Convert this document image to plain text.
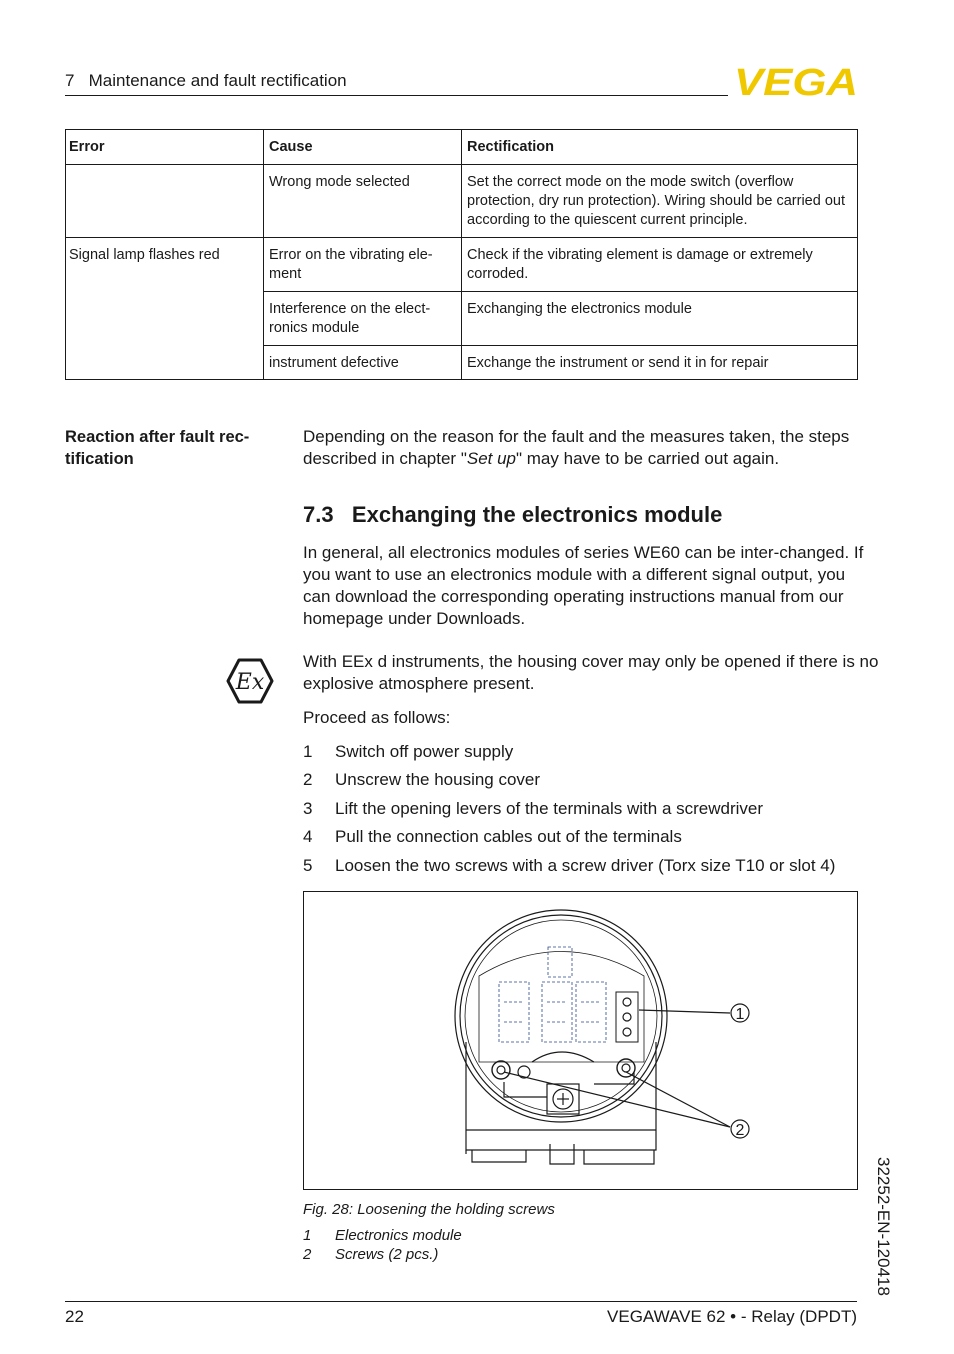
7   Maintenance and fault rectification	VEGA
Error	Cause	Rectification
	Wrong mode selected	Set the correct mode on the mode switch (overflow protection, dry run protection). Wiring should be carried out according to the quiescent current principle.
Signal lamp flashes red	Error on the vibrating ele-ment	Check if the vibrating element is damage or extremely corroded.
	Interference on the elect-ronics module	Exchanging the electronics module
	instrument defective	Exchange the instrument or send it in for repair
Reaction after fault rec-tification
Depending on the reason for the fault and the measures taken, the steps described in chapter "Set up" may have to be carried out again.
7.3   Exchanging the electronics module
In general, all electronics modules of series WE60 can be inter-changed. If you want to use an electronics module with a different signal output, you can download the corresponding operating instructions manual from our homepage under Downloads.
Ex
With EEx d instruments, the housing cover may only be opened if there is no explosive atmosphere present.
Proceed as follows:
1 Switch off power supply
2 Unscrew the housing cover
3 Lift the opening levers of the terminals with a screwdriver
4 Pull the connection cables out of the terminals
5 Loosen the two screws with a screw driver (Torx size T10 or slot 4)
1
2
Fig. 28: Loosening the holding screws
1 Electronics module
2 Screws (2 pcs.)	32252-EN-120418
22	VEGAWAVE 62 • - Relay (DPDT)
